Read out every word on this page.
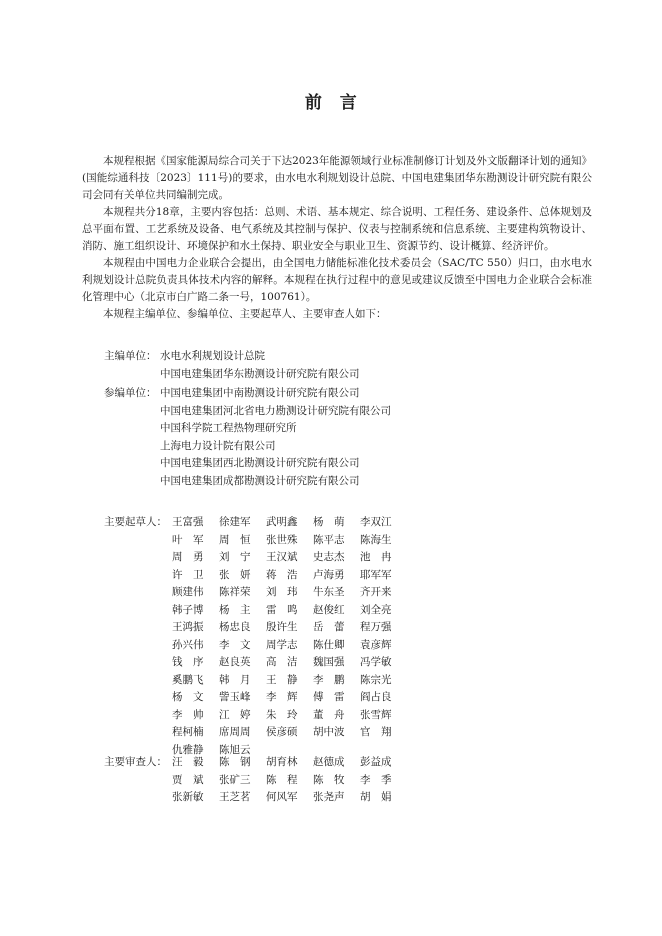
前　言

本规程根据《国家能源局综合司关于下达2023年能源领域行业标准制修订计划及外文版翻译计划的通知》(国能综通科技〔2023〕111号)的要求，由水电水利规划设计总院、中国电建集团华东勘测设计研究院有限公司会同有关单位共同编制完成。

本规程共分18章，主要内容包括：总则、术语、基本规定、综合说明、工程任务、建设条件、总体规划及总平面布置、工艺系统及设备、电气系统及其控制与保护、仪表与控制系统和信息系统、主要建构筑物设计、消防、施工组织设计、环境保护和水土保持、职业安全与职业卫生、资源节约、设计概算、经济评价。

本规程由中国电力企业联合会提出，由全国电力储能标准化技术委员会（SAC/TC 550）归口，由水电水利规划设计总院负责具体技术内容的解释。本规程在执行过程中的意见或建议反馈至中国电力企业联合会标准化管理中心（北京市白广路二条一号，100761）。

本规程主编单位、参编单位、主要起草人、主要审查人如下：

主编单位： 水电水利规划设计总院
中国电建集团华东勘测设计研究院有限公司
参编单位： 中国电建集团中南勘测设计研究院有限公司
中国电建集团河北省电力勘测设计研究院有限公司
中国科学院工程热物理研究所
上海电力设计院有限公司
中国电建集团西北勘测设计研究院有限公司
中国电建集团成都勘测设计研究院有限公司
主要起草人： 王富强	徐建军	武明鑫	杨　萌	李双江
叶　军	周　恒	张世殊	陈平志	陈海生
周　勇	刘　宁	王汉斌	史志杰	池　冉
许　卫	张　妍	蒋　浩	卢海勇	耶军军
顾建伟	陈祥荣	刘　玮	牛东圣	齐开来
韩子博	杨　主	雷　鸣	赵俊红	刘全亮
王鸿振	杨忠良	殷许生	岳　蕾	程万强
孙兴伟	李　文	周学志	陈仕卿	袁彦辉
钱　序	赵良英	高　洁	魏国强	冯学敏
奚鹏飞	韩　月	王　静	李　鹏	陈宗光
杨　文	訾玉峰	李　辉	傅　雷	阎占良
李　帅	江　婷	朱　玲	董　舟	张雪辉
程柯楠	席周周	侯彦硕	胡中波	官　翔
仇雅静	陈旭云
主要审查人： 汪　毅	陈　钢	胡育林	赵德成	彭益成
贾　斌	张矿三	陈　程	陈　牧	李　季
张新敏	王芝茗	何风军	张尧声	胡　娟
